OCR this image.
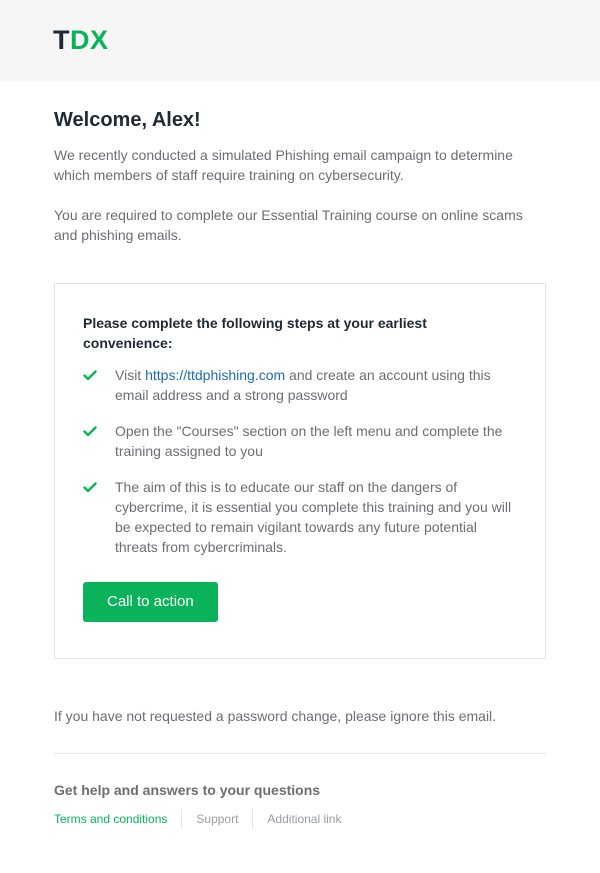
TDX
Welcome, Alex!

We recently conducted a simulated Phishing email campaign to determine which members of staff require training on cybersecurity.

You are required to complete our Essential Training course on online scams and phishing emails.

Please complete the following steps at your earliest convenience:

Visit https://ttdphishing.com and create an account using this email address and a strong password
Open the "Courses" section on the left menu and complete the training assigned to you
The aim of this is to educate our staff on the dangers of cybercrime, it is essential you complete this training and you will be expected to remain vigilant towards any future potential threats from cybercriminals.
Call to action

If you have not requested a password change, please ignore this email.

Get help and answers to your questions
Terms and conditions Support Additional link
